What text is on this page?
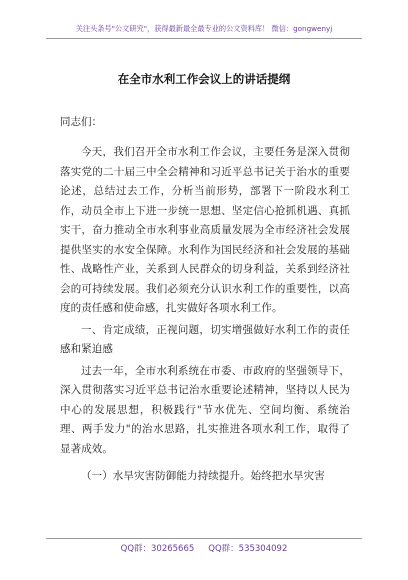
关注头条号"公文研究"，获得最新最全最专业的公文资料库！ 微信：gongwenyj
在全市水利工作会议上的讲话提纲
同志们：

今天，我们召开全市水利工作会议，主要任务是深入贯彻落实党的二十届三中全会精神和习近平总书记关于治水的重要论述，总结过去工作，分析当前形势，部署下一阶段水利工作，动员全市上下进一步统一思想、坚定信心抢抓机遇、真抓实干，奋力推动全市水利事业高质量发展为全市经济社会发展提供坚实的水安全保障。水利作为国民经济和社会发展的基础性、战略性产业，关系到人民群众的切身利益，关系到经济社会的可持续发展。我们必须充分认识水利工作的重要性，以高度的责任感和使命感，扎实做好各项水利工作。

一、肯定成绩，正视问题，切实增强做好水利工作的责任感和紧迫感

过去一年，全市水利系统在市委、市政府的坚强领导下，深入贯彻落实习近平总书记治水重要论述精神，坚持以人民为中心的发展思想，积极践行"节水优先、空间均衡、系统治理、两手发力"的治水思路，扎实推进各项水利工作，取得了显著成效。

（一）水旱灾害防御能力持续提升。始终把水旱灾害

QQ群：30265665 QQ群：535304092
